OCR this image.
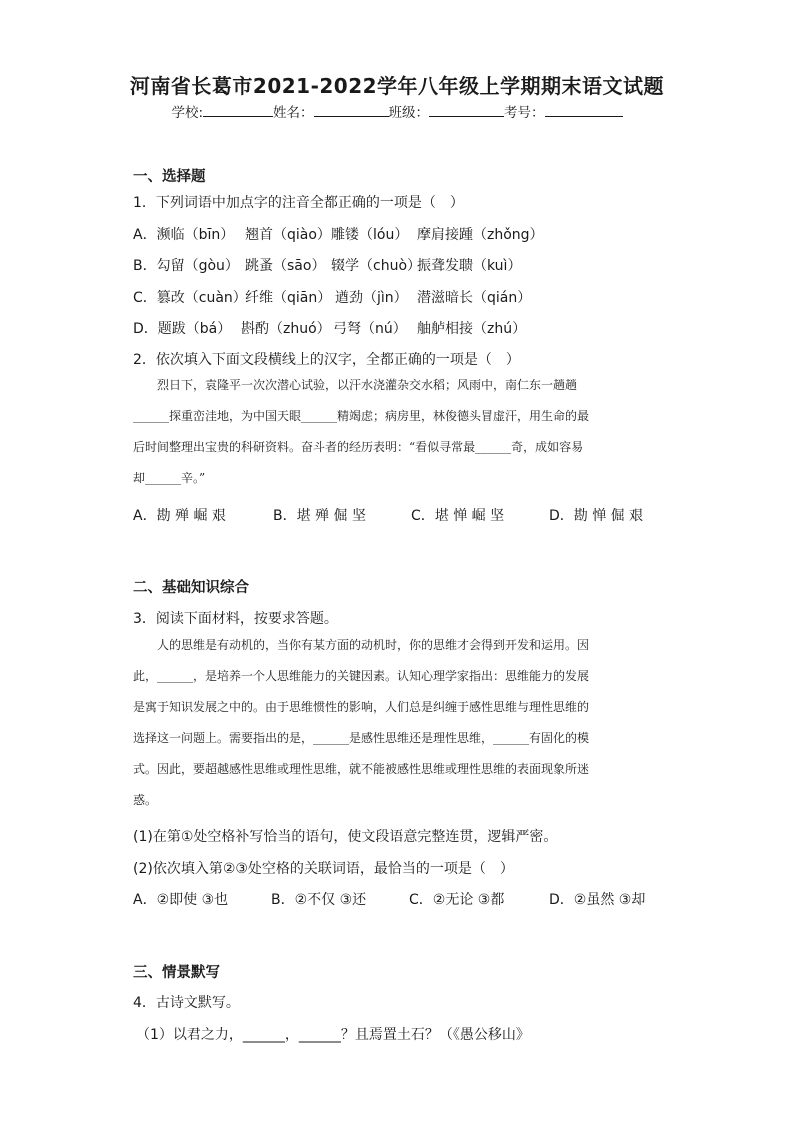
河南省长葛市2021-2022学年八年级上学期期末语文试题
学校:	姓名：	班级：	考号：
一、选择题
1．下列词语中加点字的注音全都正确的一项是（　）
A．濒临（bīn） 翘首（qiào）雕镂（lóu） 摩肩接踵（zhǒng）
B．勾留（gòu） 跳蚤（sāo） 辍学（chuò）振聋发聩（kuì）
C．篡改（cuàn）纤维（qiān） 遒劲（jìn） 潜滋暗长（qián）
D．题跋（bá） 斟酌（zhuó） 弓弩（nú） 舳舻相接（zhú）
2．依次填入下面文段横线上的汉字，全都正确的一项是（　）

烈日下，袁隆平一次次潜心试验，以汗水浇灌杂交水稻；风雨中，南仁东一趟趟

______探重峦洼地，为中国天眼______精竭虑；病房里，林俊德头冒虚汗，用生命的最
后时间整理出宝贵的科研资料。奋斗者的经历表明：“看似寻常最______奇，成如容易
却______辛。”
A．勘 殚 崛 艰	B．堪 殚 倔 坚	C．堪 惮 崛 坚	D．勘 惮 倔 艰
二、基础知识综合
3．阅读下面材料，按要求答题。

人的思维是有动机的，当你有某方面的动机时，你的思维才会得到开发和运用。因

此，______，是培养一个人思维能力的关键因素。认知心理学家指出：思维能力的发展
是寓于知识发展之中的。由于思维惯性的影响，人们总是纠缠于感性思维与理性思维的
选择这一问题上。需要指出的是，______是感性思维还是理性思维，______有固化的模
式。因此，要超越感性思维或理性思维，就不能被感性思维或理性思维的表面现象所迷
惑。
(1)在第①处空格补写恰当的语句，使文段语意完整连贯，逻辑严密。
(2)依次填入第②③处空格的关联词语，最恰当的一项是（　）
A．②即使 ③也	B．②不仅 ③还	C．②无论 ③都	D．②虽然 ③却
三、情景默写
4．古诗文默写。
（1）以君之力，______，______？且焉置土石？（《愚公移山》
